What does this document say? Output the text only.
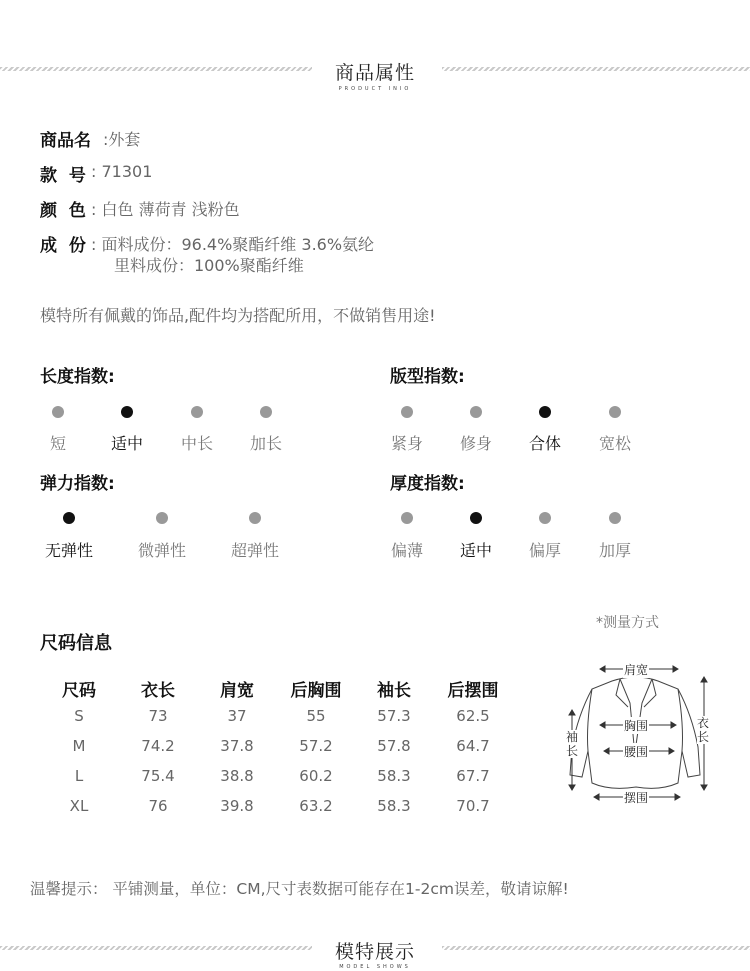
商品属性
PRODUCT INIO
商品名 :外套
款  号 : 71301
颜  色 : 白色 薄荷青 浅粉色
成  份 : 面料成份：96.4%聚酯纤维 3.6%氨纶
里料成份：100%聚酯纤维
模特所有佩戴的饰品,配件均为搭配所用，不做销售用途!
长度指数:
短	适中	中长	加长
版型指数:
紧身	修身	合体	宽松
弹力指数:
无弹性	微弹性	超弹性
厚度指数:
偏薄	适中	偏厚	加厚
尺码信息
*测量方式
尺码	衣长	肩宽	后胸围	袖长	后摆围
S	73	37	55	57.3	62.5
M	74.2	37.8	57.2	57.8	64.7
L	75.4	38.8	60.2	58.3	67.7
XL	76	39.8	63.2	58.3	70.7
肩宽
胸围
腰围
摆围
袖长
衣长
温馨提示： 平铺测量，单位：CM,尺寸表数据可能存在1-2cm误差，敬请谅解!
模特展示
MODEL SHOWS
